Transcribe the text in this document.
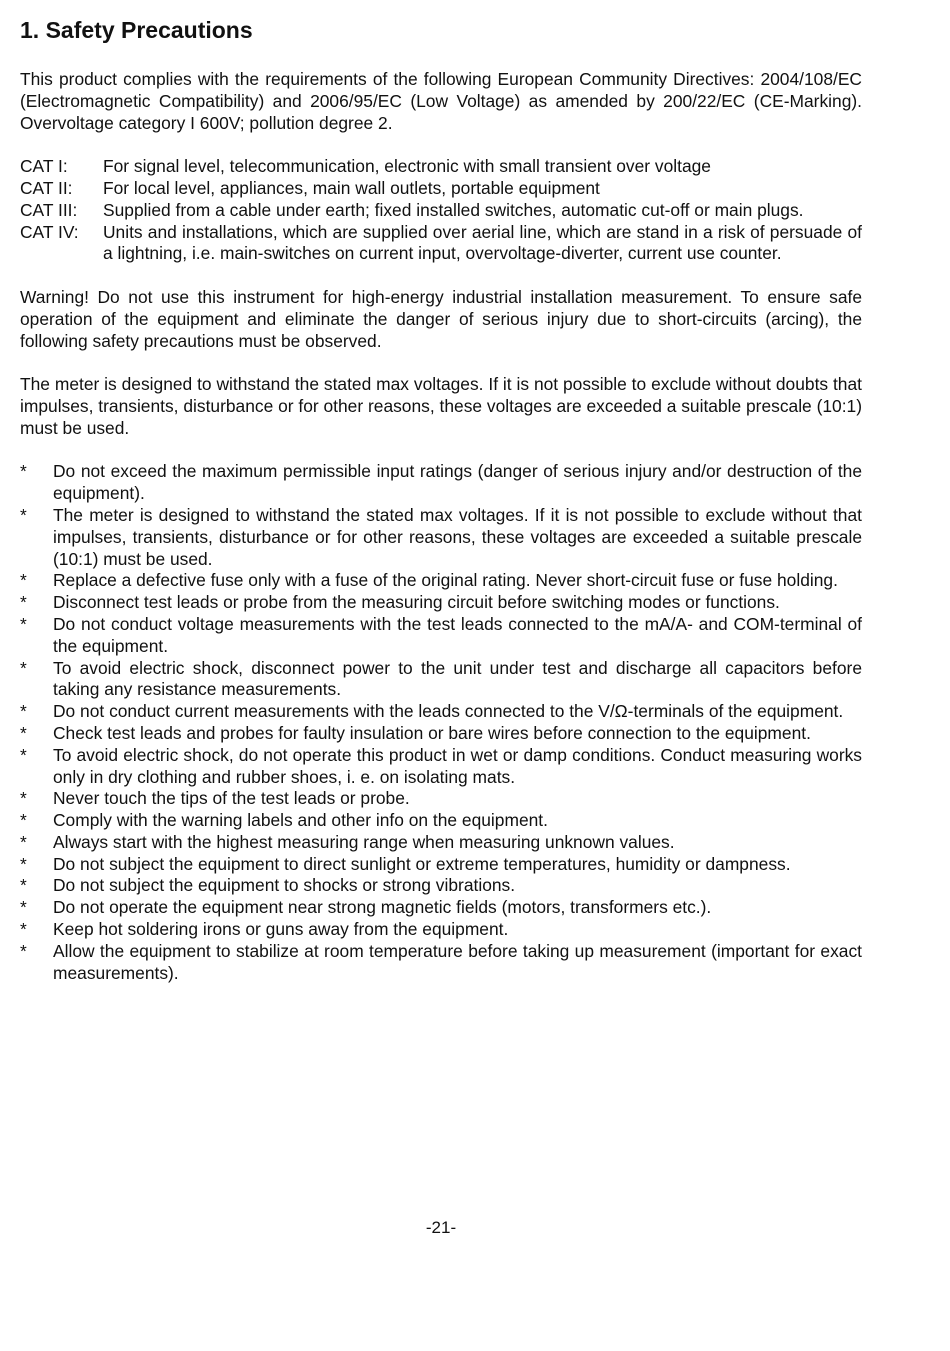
1. Safety Precautions

This product complies with the requirements of the following European Community Directives: 2004/108/EC (Electromagnetic Compatibility) and 2006/95/EC (Low Voltage) as amended by 200/22/EC (CE-Marking). Overvoltage category I 600V; pollution degree 2.

CAT I:	For signal level, telecommunication, electronic with small transient over voltage
CAT II:	For local level, appliances, main wall outlets, portable equipment
CAT III:	Supplied from a cable under earth; fixed installed switches, automatic cut-off or main plugs.
CAT IV:	Units and installations, which are supplied over aerial line, which are stand in a risk of persuade of a lightning, i.e. main-switches on current input, overvoltage-diverter, current use counter.

Warning! Do not use this instrument for high-energy industrial installation measurement. To ensure safe operation of the equipment and eliminate the danger of serious injury due to short-circuits (arcing), the following safety precautions must be observed.

The meter is designed to withstand the stated max voltages. If it is not possible to exclude without doubts that impulses, transients, disturbance or for other reasons, these voltages are exceeded a suitable prescale (10:1) must be used.

*	Do not exceed the maximum permissible input ratings (danger of serious injury and/or destruction of the equipment).
*	The meter is designed to withstand the stated max voltages. If it is not possible to exclude without that impulses, transients, disturbance or for other reasons, these voltages are exceeded a suitable prescale (10:1) must be used.
*	Replace a defective fuse only with a fuse of the original rating. Never short-circuit fuse or fuse holding.
*	Disconnect test leads or probe from the measuring circuit before switching modes or functions.
*	Do not conduct voltage measurements with the test leads connected to the mA/A- and COM-terminal of the equipment.
*	To avoid electric shock, disconnect power to the unit under test and discharge all capacitors before taking any resistance measurements.
*	Do not conduct current measurements with the leads connected to the V/Ω-terminals of the equipment.
*	Check test leads and probes for faulty insulation or bare wires before connection to the equipment.
*	To avoid electric shock, do not operate this product in wet or damp conditions. Conduct measuring works only in dry clothing and rubber shoes, i. e. on isolating mats.
*	Never touch the tips of the test leads or probe.
*	Comply with the warning labels and other info on the equipment.
*	Always start with the highest measuring range when measuring unknown values.
*	Do not subject the equipment to direct sunlight or extreme temperatures, humidity or dampness.
*	Do not subject the equipment to shocks or strong vibrations.
*	Do not operate the equipment near strong magnetic fields (motors, transformers etc.).
*	Keep hot soldering irons or guns away from the equipment.
*	Allow the equipment to stabilize at room temperature before taking up measurement (important for exact measurements).
-21-
